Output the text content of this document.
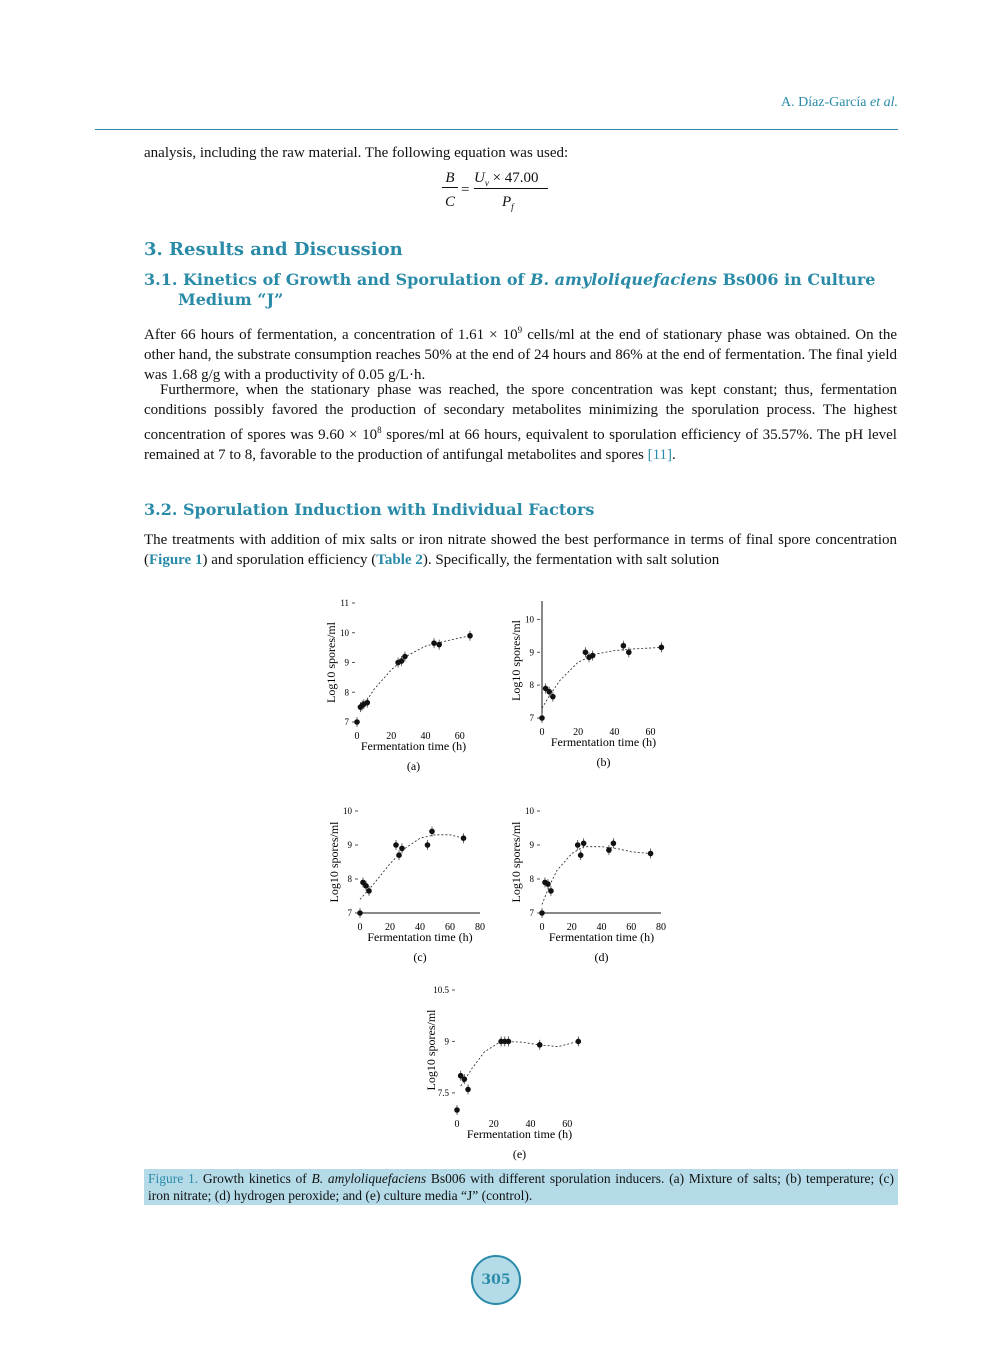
A. Díaz-García et al.
analysis, including the raw material. The following equation was used:
B
C
=
$U_v \times 47.00$
$P_f$
3. Results and Discussion
3.1. Kinetics of Growth and Sporulation of B. amyloliquefaciens Bs006 in Culture
Medium “J”
After 66 hours of fermentation, a concentration of $1.61 \times 10^9$ cells/ml at the end of stationary phase was obtained. On the other hand, the substrate consumption reaches 50% at the end of 24 hours and 86% at the end of fermentation. The final yield was 1.68 g/g with a productivity of 0.05 g/L·h.
Furthermore, when the stationary phase was reached, the spore concentration was kept constant; thus, fermentation conditions possibly favored the production of secondary metabolites minimizing the sporulation process. The highest concentration of spores was $9.60 \times 10^8$ spores/ml at 66 hours, equivalent to sporulation efficiency of 35.57%. The pH level remained at 7 to 8, favorable to the production of antifungal metabolites and spores [11].
3.2. Sporulation Induction with Individual Factors
The treatments with addition of mix salts or iron nitrate showed the best performance in terms of final spore concentration (Figure 1) and sporulation efficiency (Table 2). Specifically, the fermentation with salt solution
7
8
9
10
11
0	20 40 60
Fermentation time (h)
Log10 spores/ml
(a)
7
8
9
10
0	20	40	60
Fermentation time (h)
Log10 spores/ml
(b)
7
8
9
10
0 20 40 60 80
Fermentation time (h)
Log10 spores/ml
(c)
7
8
9
10
0 20 40 60 80
Fermentation time (h)
Log10 spores/ml
(d)
7.5
9
10.5
0	20	40	60
Fermentation time (h)
Log10 spores/ml
(e)
Figure 1. Growth kinetics of B. amyloliquefaciens Bs006 with different sporulation inducers. (a) Mixture of salts; (b) temperature; (c) iron nitrate; (d) hydrogen peroxide; and (e) culture media “J” (control).
305
